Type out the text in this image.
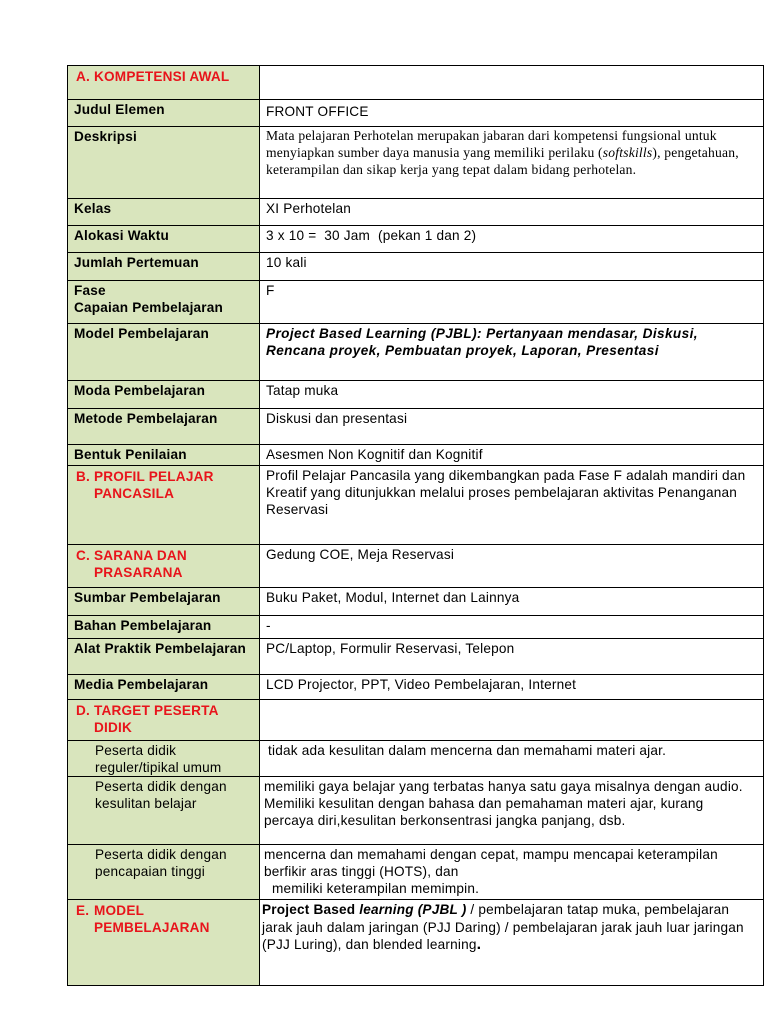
A. KOMPETENSI AWAL	

Judul Elemen	FRONT OFFICE

Deskripsi	Mata pelajaran Perhotelan merupakan jabaran dari kompetensi fungsional untuk menyiapkan sumber daya manusia yang memiliki perilaku (softskills), pengetahuan, keterampilan dan sikap kerja yang tepat dalam bidang perhotelan.

Kelas	XI Perhotelan

Alokasi Waktu	3 x 10 =  30 Jam  (pekan 1 dan 2)

Jumlah Pertemuan	10 kali

Fase
Capaian Pembelajaran	F

Model Pembelajaran	Project Based Learning (PJBL): Pertanyaan mendasar, Diskusi, Rencana proyek, Pembuatan proyek, Laporan, Presentasi

Moda Pembelajaran	Tatap muka

Metode Pembelajaran	Diskusi dan presentasi

Bentuk Penilaian	Asesmen Non Kognitif dan Kognitif

B. PROFIL PELAJAR PANCASILA	Profil Pelajar Pancasila yang dikembangkan pada Fase F adalah mandiri dan Kreatif yang ditunjukkan melalui proses pembelajaran aktivitas Penanganan Reservasi

C. SARANA DAN PRASARANA	Gedung COE, Meja Reservasi

Sumbar Pembelajaran	Buku Paket, Modul, Internet dan Lainnya

Bahan Pembelajaran	-

Alat Praktik Pembelajaran	PC/Laptop, Formulir Reservasi, Telepon

Media Pembelajaran	LCD Projector, PPT, Video Pembelajaran, Internet

D. TARGET PESERTA DIDIK	

Peserta didik reguler/tipikal umum	tidak ada kesulitan dalam mencerna dan memahami materi ajar.

Peserta didik dengan kesulitan belajar	memiliki gaya belajar yang terbatas hanya satu gaya misalnya dengan audio. Memiliki kesulitan dengan bahasa dan pemahaman materi ajar, kurang percaya diri,kesulitan berkonsentrasi jangka panjang, dsb.

Peserta didik dengan pencapaian tinggi	mencerna dan memahami dengan cepat, mampu mencapai keterampilan berfikir aras tinggi (HOTS), dan
memiliki keterampilan memimpin.

E. MODEL PEMBELAJARAN	Project Based learning (PJBL ) / pembelajaran tatap muka, pembelajaran jarak jauh dalam jaringan (PJJ Daring) / pembelajaran jarak jauh luar jaringan (PJJ Luring), dan blended learning.
